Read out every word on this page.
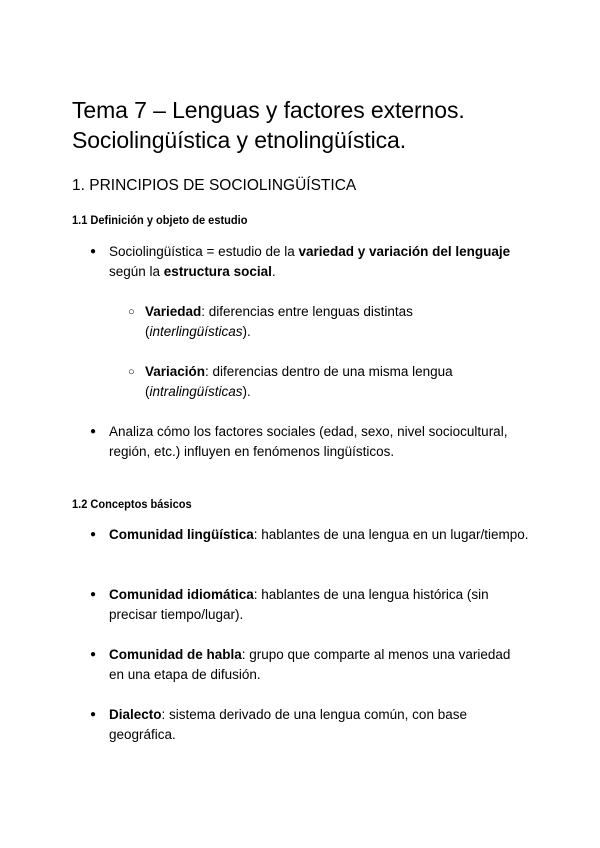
Tema 7 – Lenguas y factores externos.
Sociolingüística y etnolingüística.
1. PRINCIPIOS DE SOCIOLINGÜÍSTICA
1.1 Definición y objeto de estudio
● Sociolingüística = estudio de la variedad y variación del lenguaje según la estructura social.
○ Variedad: diferencias entre lenguas distintas (interlingüísticas).
○ Variación: diferencias dentro de una misma lengua (intralingüísticas).
● Analiza cómo los factores sociales (edad, sexo, nivel sociocultural, región, etc.) influyen en fenómenos lingüísticos.
1.2 Conceptos básicos
● Comunidad lingüística: hablantes de una lengua en un lugar/tiempo.
● Comunidad idiomática: hablantes de una lengua histórica (sin precisar tiempo/lugar).
● Comunidad de habla: grupo que comparte al menos una variedad en una etapa de difusión.
● Dialecto: sistema derivado de una lengua común, con base geográfica.
